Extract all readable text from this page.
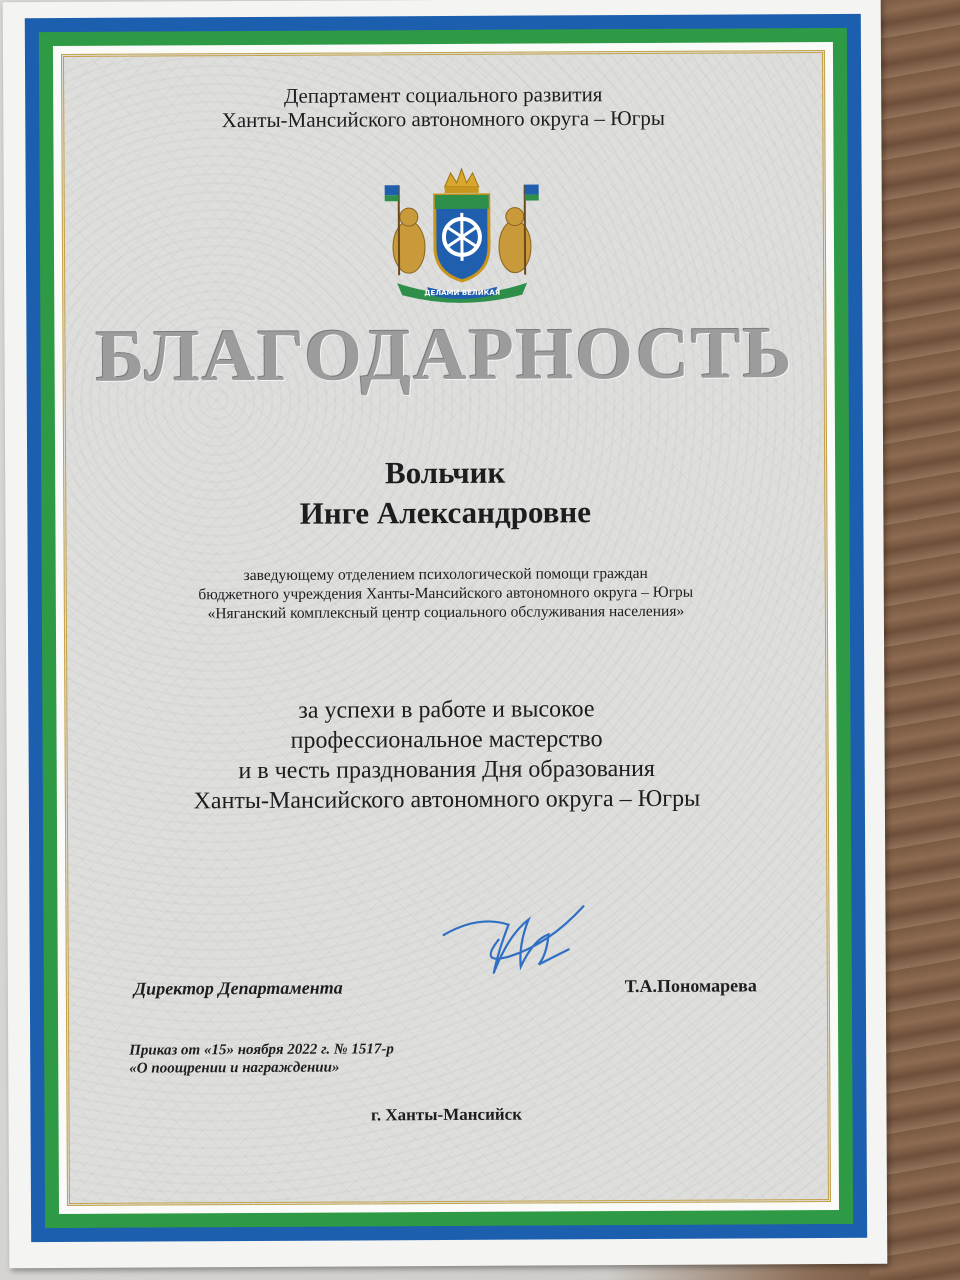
Департамент социального развития
Ханты-Мансийского автономного округа – Югры
ДЕЛАМИ ВЕЛИКАЯ
БЛАГОДАРНОСТЬ
Вольчик
Инге Александровне
заведующему отделением психологической помощи граждан
бюджетного учреждения Ханты-Мансийского автономного округа – Югры
«Няганский комплексный центр социального обслуживания населения»
за успехи в работе и высокое
профессиональное мастерство
и в честь празднования Дня образования
Ханты-Мансийского автономного округа – Югры
Директор Департамента	Т.А.Пономарева
Приказ от «15» ноября 2022 г. № 1517-р
«О поощрении и награждении»
г. Ханты-Мансийск
